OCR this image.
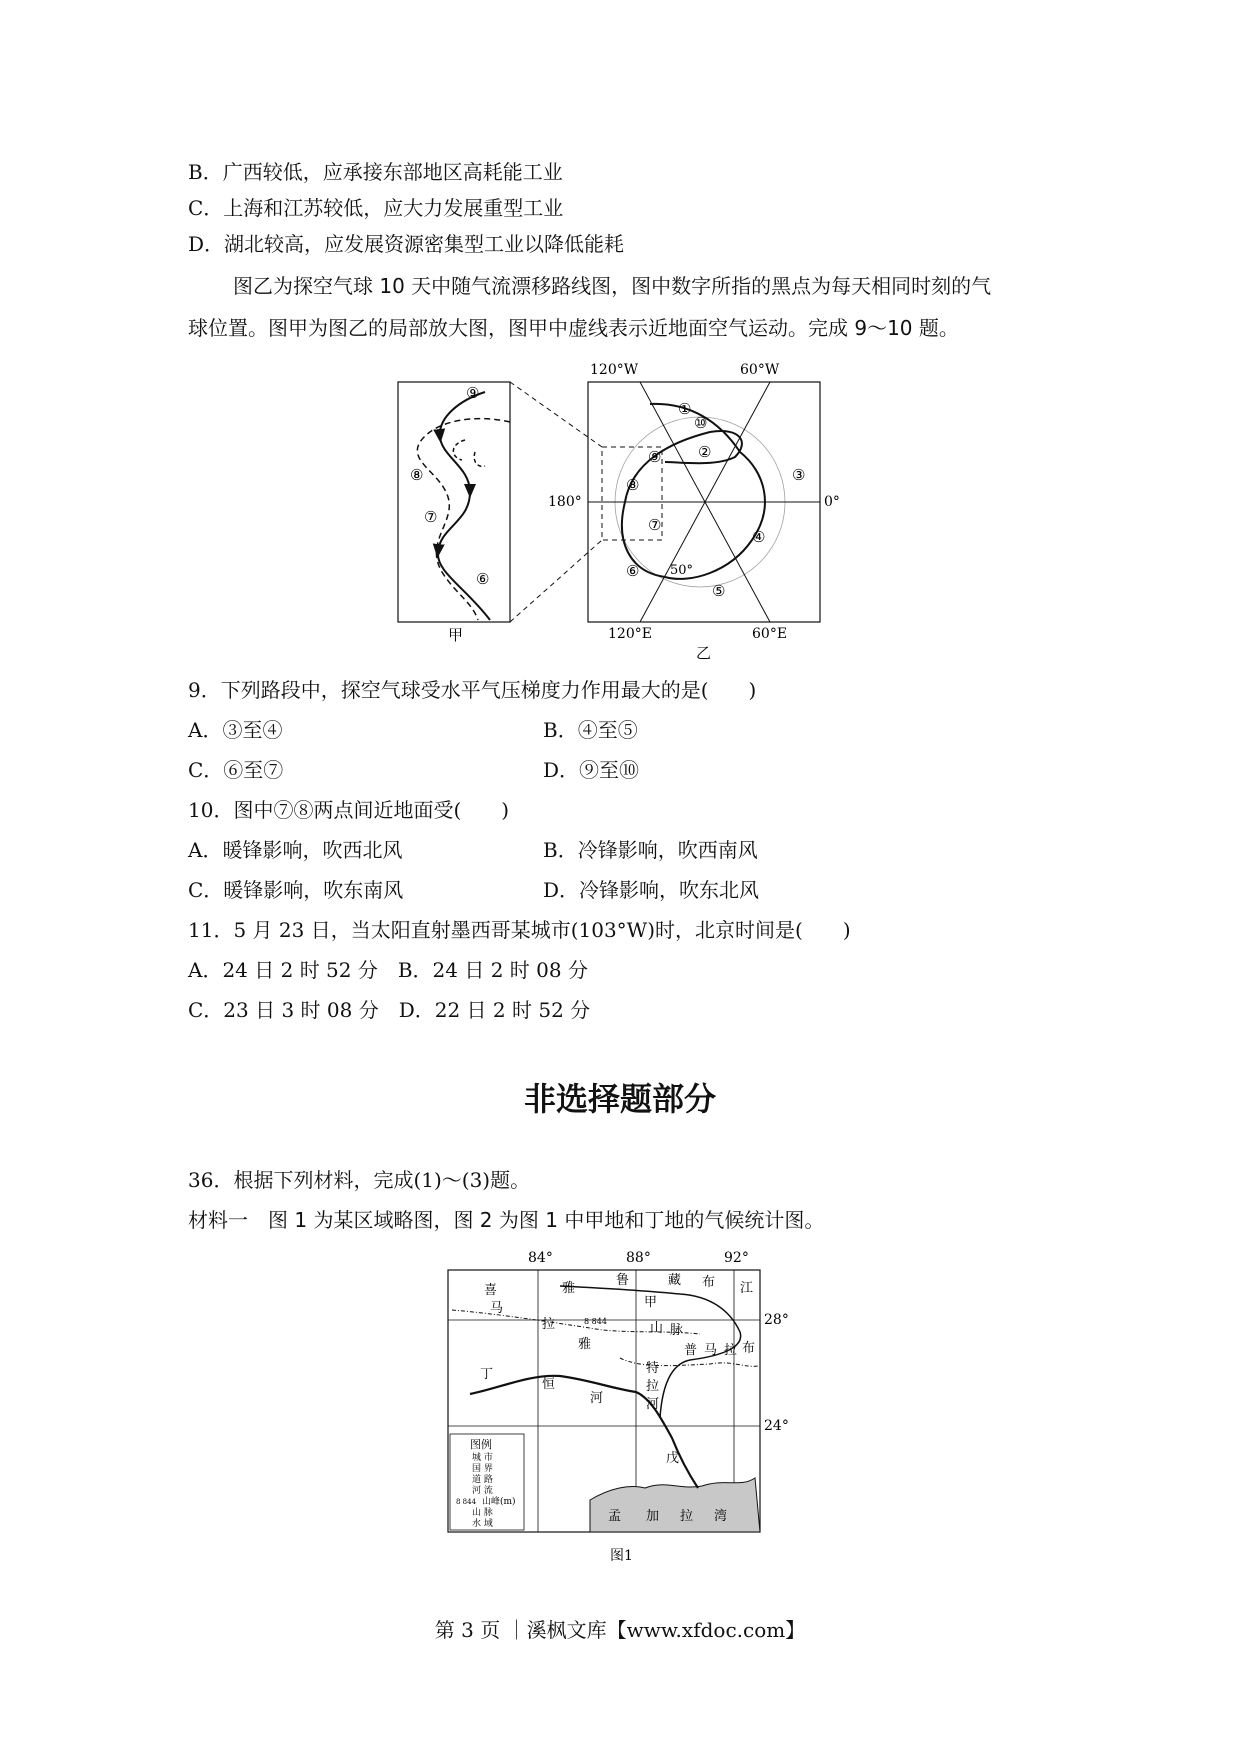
B．广西较低，应承接东部地区高耗能工业
C．上海和江苏较低，应大力发展重型工业
D．湖北较高，应发展资源密集型工业以降低能耗
图乙为探空气球 10 天中随气流漂移路线图，图中数字所指的黑点为每天相同时刻的气
球位置。图甲为图乙的局部放大图，图甲中虚线表示近地面空气运动。完成 9～10 题。
⑨
⑧
⑦
⑥
甲
120°W	60°W
180°	0°
50°
120°E	60°E
乙
①
⑩
②
⑨
③
⑧
⑦
④
⑥
⑤
9．下列路段中，探空气球受水平气压梯度力作用最大的是(　　)
A．③至④	B．④至⑤
C．⑥至⑦	D．⑨至⑩
10．图中⑦⑧两点间近地面受(　　)
A．暖锋影响，吹西北风	B．冷锋影响，吹西南风
C．暖锋影响，吹东南风	D．冷锋影响，吹东北风
11．5 月 23 日，当太阳直射墨西哥某城市(103°W)时，北京时间是(　　)
A．24 日 2 时 52 分　B．24 日 2 时 08 分
C．23 日 3 时 08 分　D．22 日 2 时 52 分
非选择题部分
36．根据下列材料，完成(1)～(3)题。
材料一　图 1 为某区域略图，图 2 为图 1 中甲地和丁地的气候统计图。
84°	88°	92°
28°
24°
图例
城 市
国 界
道 路
河 流
8 844 山峰(m)
山 脉
水 域
雅
鲁	藏 布 江
喜
马
拉
雅
山 脉
甲
布
拉
马
普
特
拉
河
恒
河
丁
戊
孟 加 拉 湾
8 844
图1
第 3 页 ｜溪枫文库【www.xfdoc.com】
